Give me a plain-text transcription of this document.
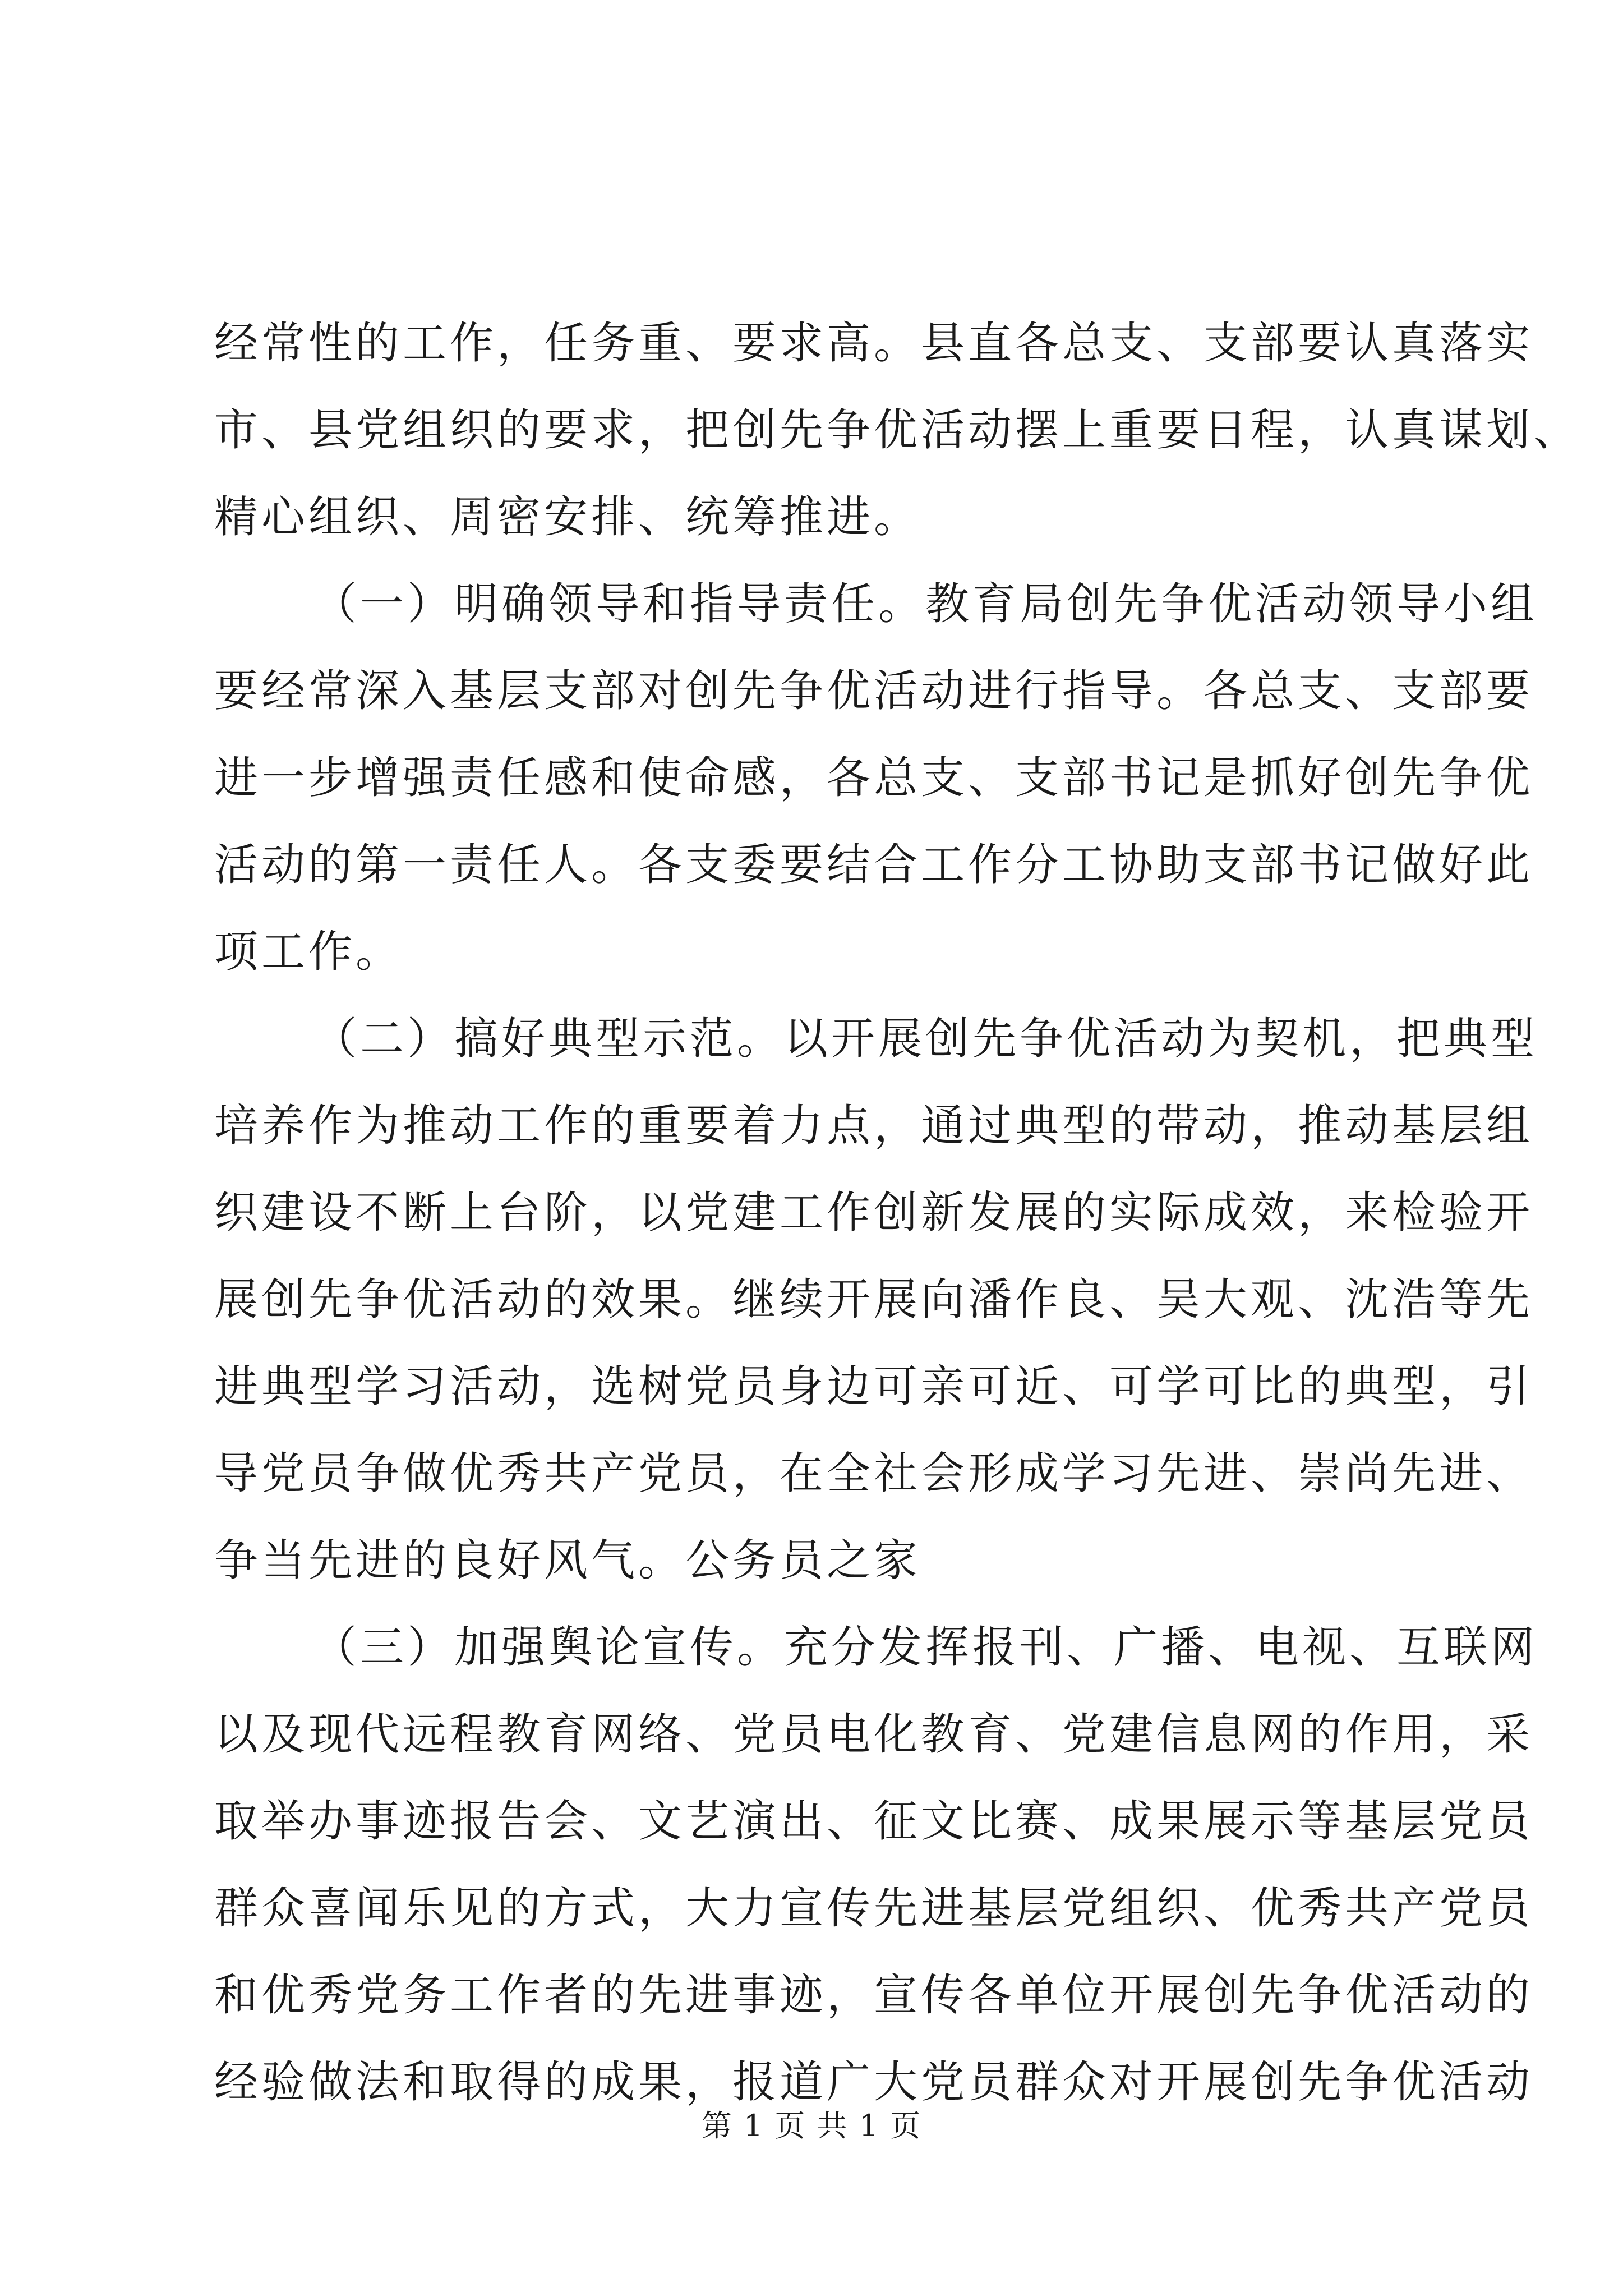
经常性的工作，任务重、要求高。县直各总支、支部要认真落实
市、县党组织的要求，把创先争优活动摆上重要日程，认真谋划、
精心组织、周密安排、统筹推进。
（一）明确领导和指导责任。教育局创先争优活动领导小组
要经常深入基层支部对创先争优活动进行指导。各总支、支部要
进一步增强责任感和使命感，各总支、支部书记是抓好创先争优
活动的第一责任人。各支委要结合工作分工协助支部书记做好此
项工作。
（二）搞好典型示范。以开展创先争优活动为契机，把典型
培养作为推动工作的重要着力点，通过典型的带动，推动基层组
织建设不断上台阶，以党建工作创新发展的实际成效，来检验开
展创先争优活动的效果。继续开展向潘作良、吴大观、沈浩等先
进典型学习活动，选树党员身边可亲可近、可学可比的典型，引
导党员争做优秀共产党员，在全社会形成学习先进、崇尚先进、
争当先进的良好风气。公务员之家
（三）加强舆论宣传。充分发挥报刊、广播、电视、互联网
以及现代远程教育网络、党员电化教育、党建信息网的作用，采
取举办事迹报告会、文艺演出、征文比赛、成果展示等基层党员
群众喜闻乐见的方式，大力宣传先进基层党组织、优秀共产党员
和优秀党务工作者的先进事迹，宣传各单位开展创先争优活动的
经验做法和取得的成果，报道广大党员群众对开展创先争优活动
第 1 页 共 1 页
